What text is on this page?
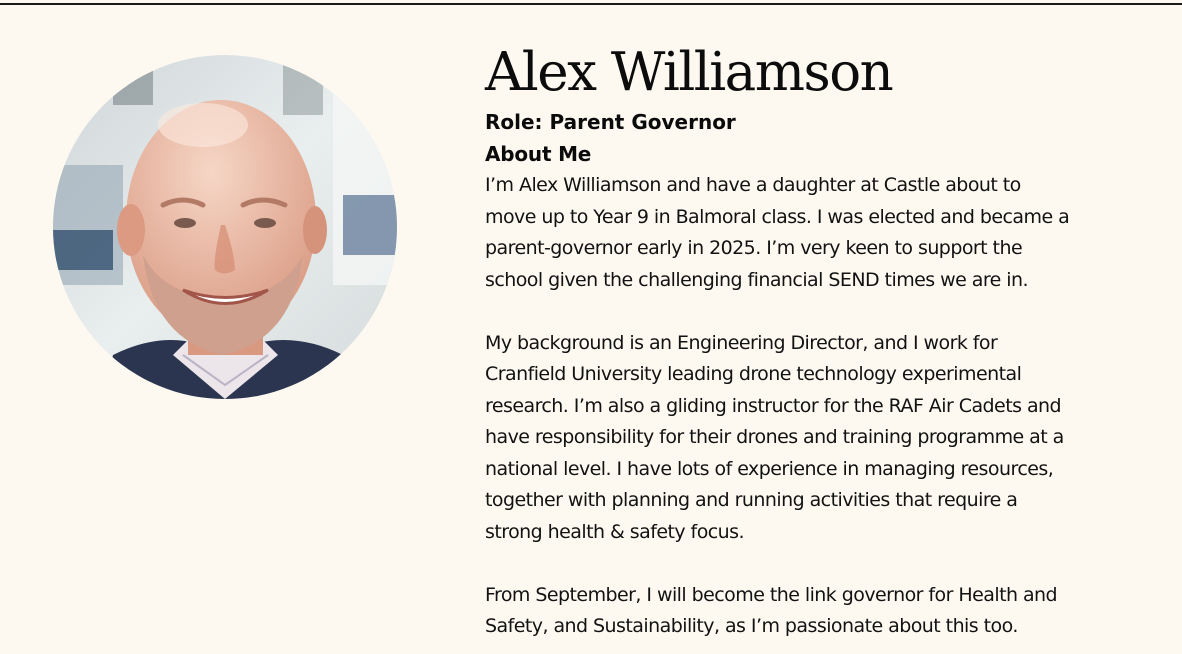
Alex Williamson
Role: Parent Governor
About Me

I’m Alex Williamson and have a daughter at Castle about to
move up to Year 9 in Balmoral class. I was elected and became a
parent-governor early in 2025. I’m very keen to support the
school given the challenging financial SEND times we are in.

My background is an Engineering Director, and I work for
Cranfield University leading drone technology experimental
research. I’m also a gliding instructor for the RAF Air Cadets and
have responsibility for their drones and training programme at a
national level. I have lots of experience in managing resources,
together with planning and running activities that require a
strong health & safety focus.

From September, I will become the link governor for Health and
Safety, and Sustainability, as I’m passionate about this too.
